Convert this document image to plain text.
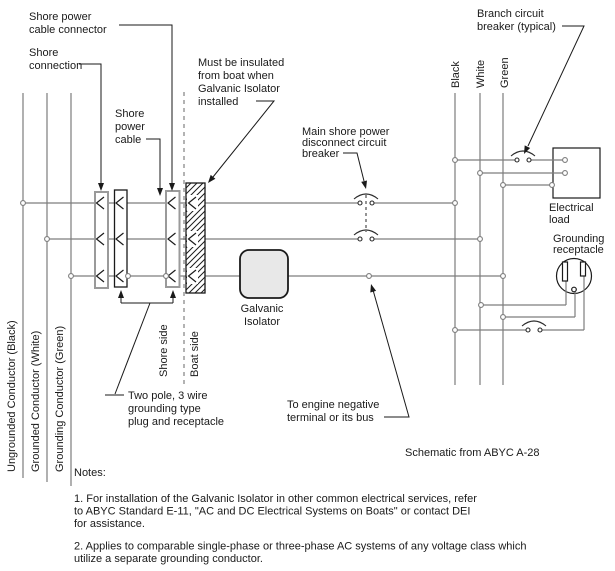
Shore power
cable connector
Shore
connection
Shore
power
cable
Must be insulated
from boat when
Galvanic Isolator
installed
Main shore power
disconnect circuit
breaker
Branch circuit
breaker (typical)
Electrical
load
Grounding
receptacle
Galvanic
Isolator
Two pole, 3 wire
grounding type
plug and receptacle
To engine negative
terminal or its bus
Schematic from ABYC A-28
Ungrounded Conductor (Black) Grounded Conductor (White) Grounding Conductor (Green)	Shore side Boat side
Black White Green
Notes:
1. For installation of the Galvanic Isolator in other common electrical services, refer
to ABYC Standard E-11, "AC and DC Electrical Systems on Boats" or contact DEI
for assistance.
2. Applies to comparable single-phase or three-phase AC systems of any voltage class which
utilize a separate grounding conductor.
